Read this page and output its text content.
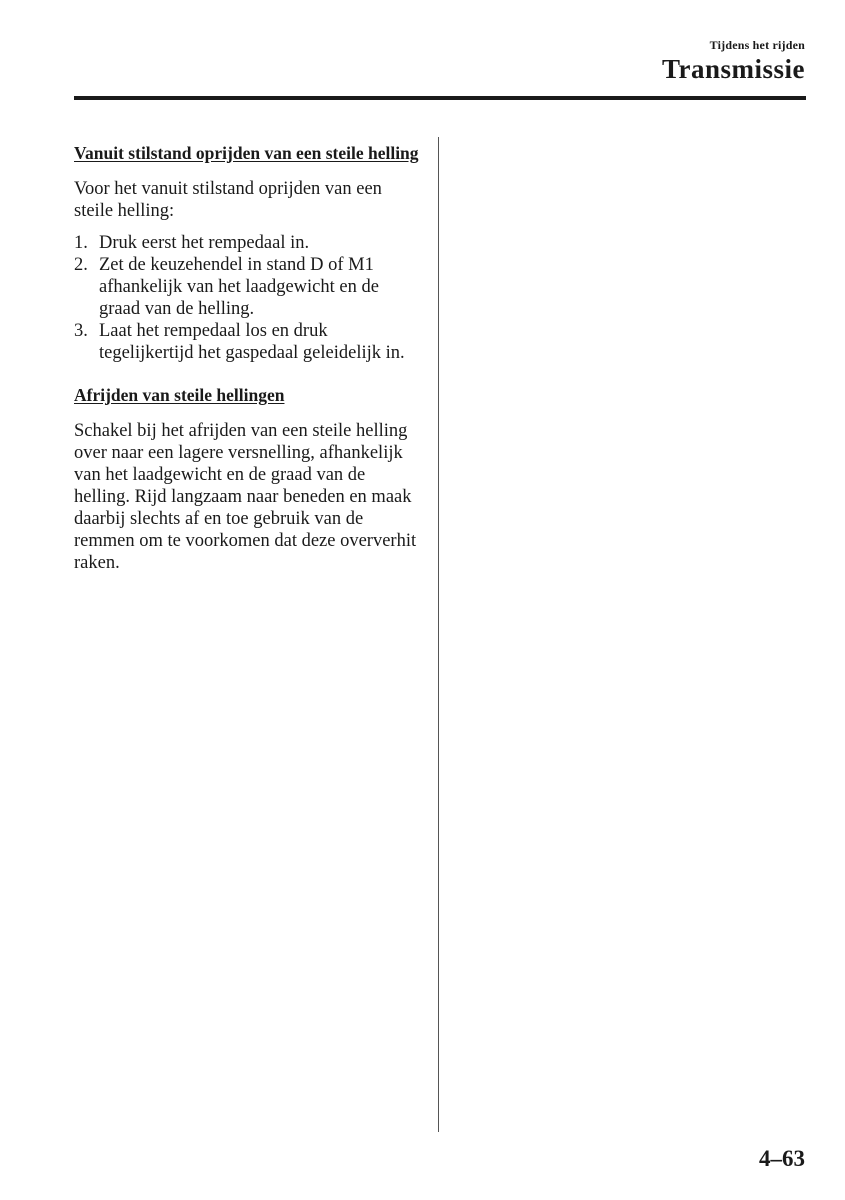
Tijdens het rijden
Transmissie

Vanuit stilstand oprijden van een steile helling

Voor het vanuit stilstand oprijden van een steile helling:

1. Druk eerst het rempedaal in.
2. Zet de keuzehendel in stand D of M1 afhankelijk van het laadgewicht en de graad van de helling.
3. Laat het rempedaal los en druk tegelijkertijd het gaspedaal geleidelijk in.

Afrijden van steile hellingen

Schakel bij het afrijden van een steile helling over naar een lagere versnelling, afhankelijk van het laadgewicht en de graad van de helling. Rijd langzaam naar beneden en maak daarbij slechts af en toe gebruik van de remmen om te voorkomen dat deze oververhit raken.

4–63
